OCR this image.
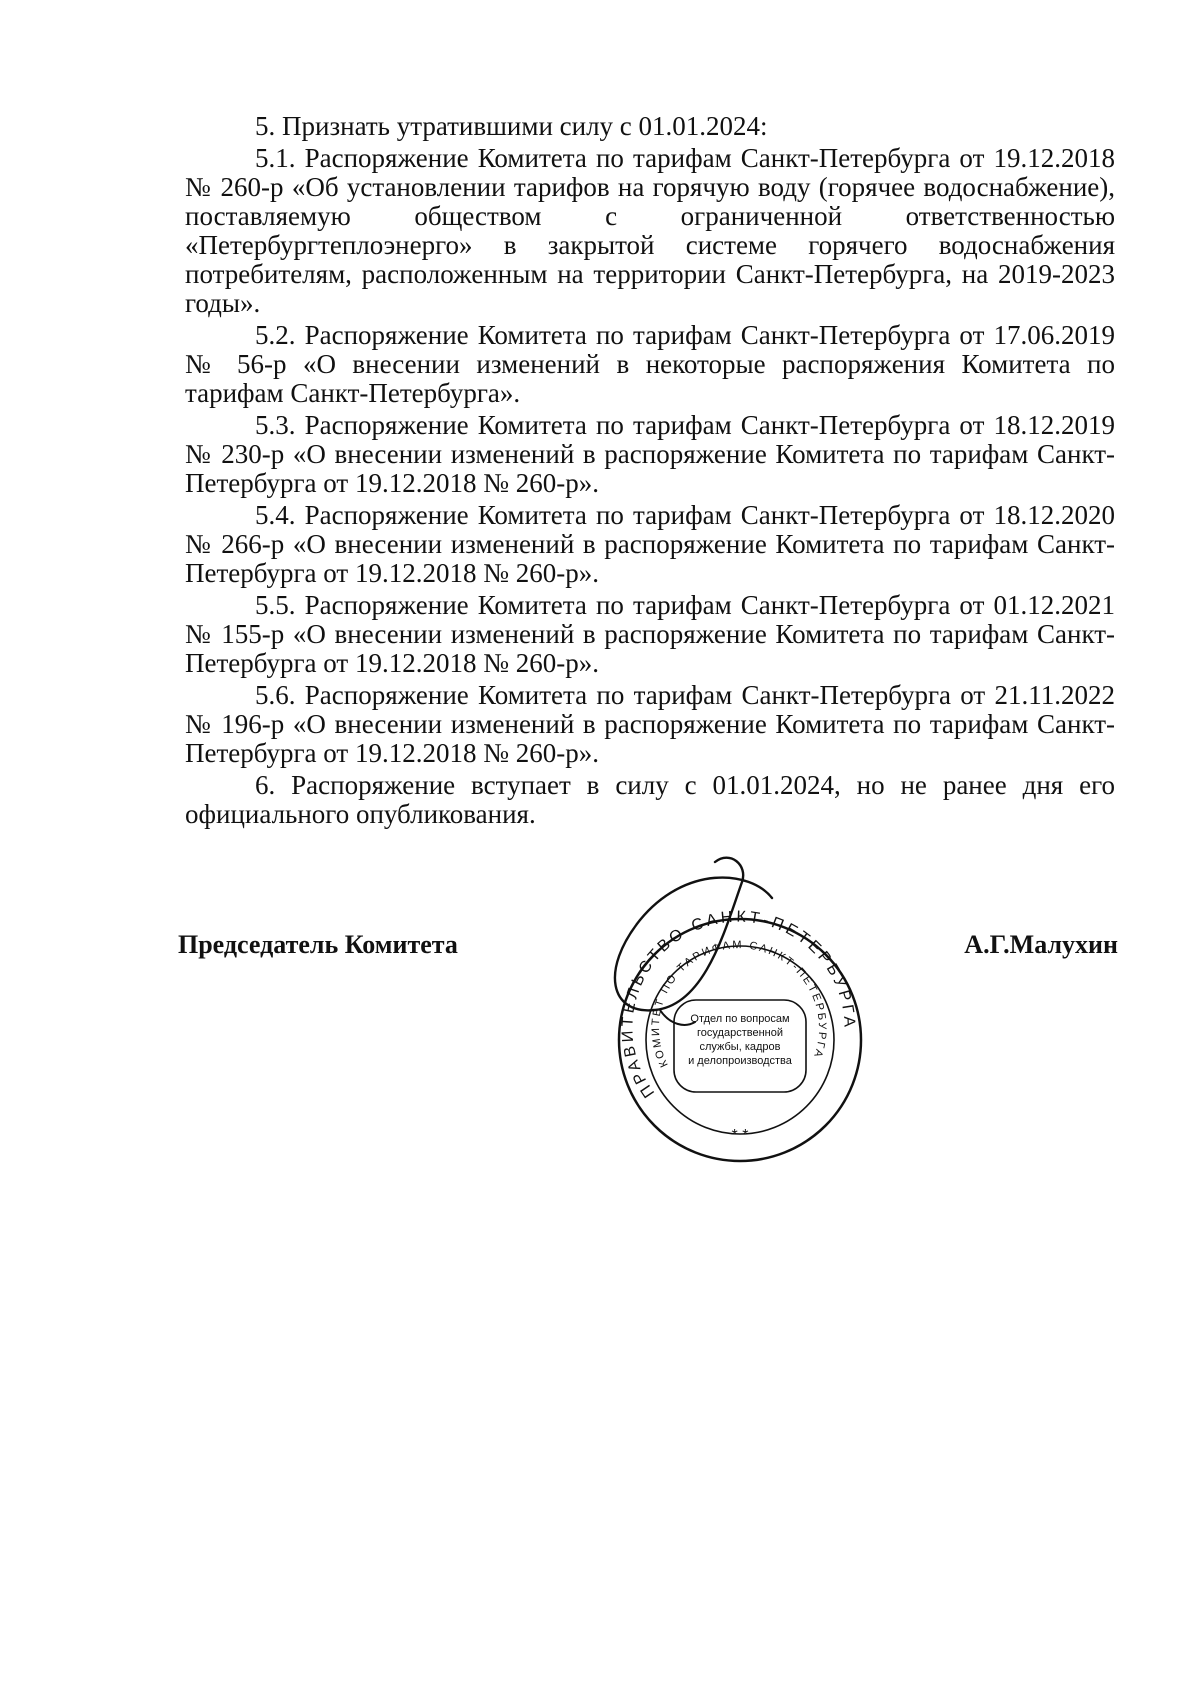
5. Признать утратившими силу с 01.01.2024:

5.1. Распоряжение Комитета по тарифам Санкт-Петербурга от 19.12.2018 № 260-р «Об установлении тарифов на горячую воду (горячее водоснабжение), поставляемую обществом с ограниченной ответственностью «Петербургтеплоэнерго» в закрытой системе горячего водоснабжения потребителям, расположенным на территории Санкт-Петербурга, на 2019-2023 годы».

5.2. Распоряжение Комитета по тарифам Санкт-Петербурга от 17.06.2019 № 56-р «О внесении изменений в некоторые распоряжения Комитета по тарифам Санкт-Петербурга».

5.3. Распоряжение Комитета по тарифам Санкт-Петербурга от 18.12.2019 № 230-р «О внесении изменений в распоряжение Комитета по тарифам Санкт-Петербурга от 19.12.2018 № 260-р».

5.4. Распоряжение Комитета по тарифам Санкт-Петербурга от 18.12.2020 № 266-р «О внесении изменений в распоряжение Комитета по тарифам Санкт-Петербурга от 19.12.2018 № 260-р».

5.5. Распоряжение Комитета по тарифам Санкт-Петербурга от 01.12.2021 № 155-р «О внесении изменений в распоряжение Комитета по тарифам Санкт-Петербурга от 19.12.2018 № 260-р».

5.6. Распоряжение Комитета по тарифам Санкт-Петербурга от 21.11.2022 № 196-р «О внесении изменений в распоряжение Комитета по тарифам Санкт-Петербурга от 19.12.2018 № 260-р».

6. Распоряжение вступает в силу с 01.01.2024, но не ранее дня его официального опубликования.

Председатель Комитета	А.Г.Малухин
ПРАВИТЕЛЬСТВО САНКТ-ПЕТЕРБУРГА
КОМИТЕТ ПО ТАРИФАМ САНКТ-ПЕТЕРБУРГА
Отдел по вопросам
государственной
службы, кадров
и делопроизводства
* *
